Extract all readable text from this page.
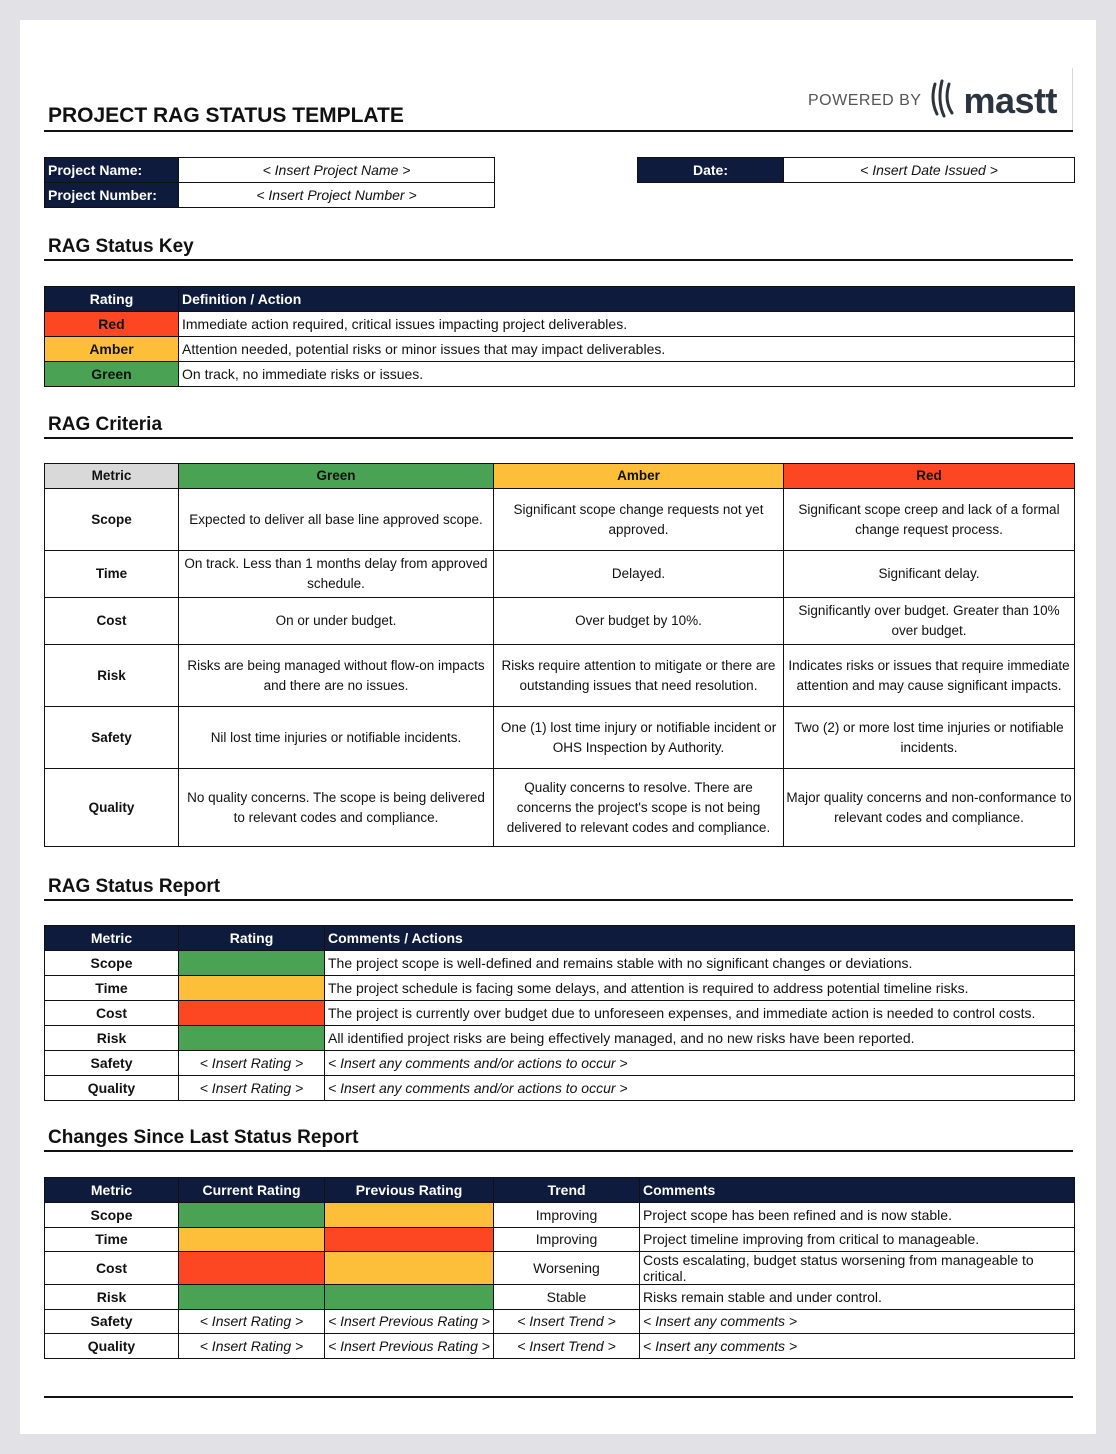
POWERED BY mastt
PROJECT RAG STATUS TEMPLATE
Project Name:	< Insert Project Name >
Project Number:	< Insert Project Number >
Date:	< Insert Date Issued >
RAG Status Key
Rating	Definition / Action
Red	Immediate action required, critical issues impacting project deliverables.
Amber	Attention needed, potential risks or minor issues that may impact deliverables.
Green	On track, no immediate risks or issues.
RAG Criteria
Metric	Green	Amber	Red
Scope	Expected to deliver all base line approved scope.	Significant scope change requests not yet approved.	Significant scope creep and lack of a formal change request process.
Time	On track. Less than 1 months delay from approved schedule.	Delayed.	Significant delay.
Cost	On or under budget.	Over budget by 10%.	Significantly over budget. Greater than 10% over budget.
Risk	Risks are being managed without flow-on impacts and there are no issues.	Risks require attention to mitigate or there are outstanding issues that need resolution.	Indicates risks or issues that require immediate attention and may cause significant impacts.
Safety	Nil lost time injuries or notifiable incidents.	One (1) lost time injury or notifiable incident or OHS Inspection by Authority.	Two (2) or more lost time injuries or notifiable incidents.
Quality	No quality concerns. The scope is being delivered to relevant codes and compliance.	Quality concerns to resolve. There are concerns the project's scope is not being delivered to relevant codes and compliance.	Major quality concerns and non-conformance to relevant codes and compliance.
RAG Status Report
Metric	Rating	Comments / Actions
Scope		The project scope is well-defined and remains stable with no significant changes or deviations.
Time		The project schedule is facing some delays, and attention is required to address potential timeline risks.
Cost		The project is currently over budget due to unforeseen expenses, and immediate action is needed to control costs.
Risk		All identified project risks are being effectively managed, and no new risks have been reported.
Safety	< Insert Rating >	< Insert any comments and/or actions to occur >
Quality	< Insert Rating >	< Insert any comments and/or actions to occur >
Changes Since Last Status Report
Metric	Current Rating	Previous Rating	Trend	Comments
Scope			Improving	Project scope has been refined and is now stable.
Time			Improving	Project timeline improving from critical to manageable.
Cost			Worsening	Costs escalating, budget status worsening from manageable to critical.
Risk			Stable	Risks remain stable and under control.
Safety	< Insert Rating >	< Insert Previous Rating >	< Insert Trend >	< Insert any comments >
Quality	< Insert Rating >	< Insert Previous Rating >	< Insert Trend >	< Insert any comments >
